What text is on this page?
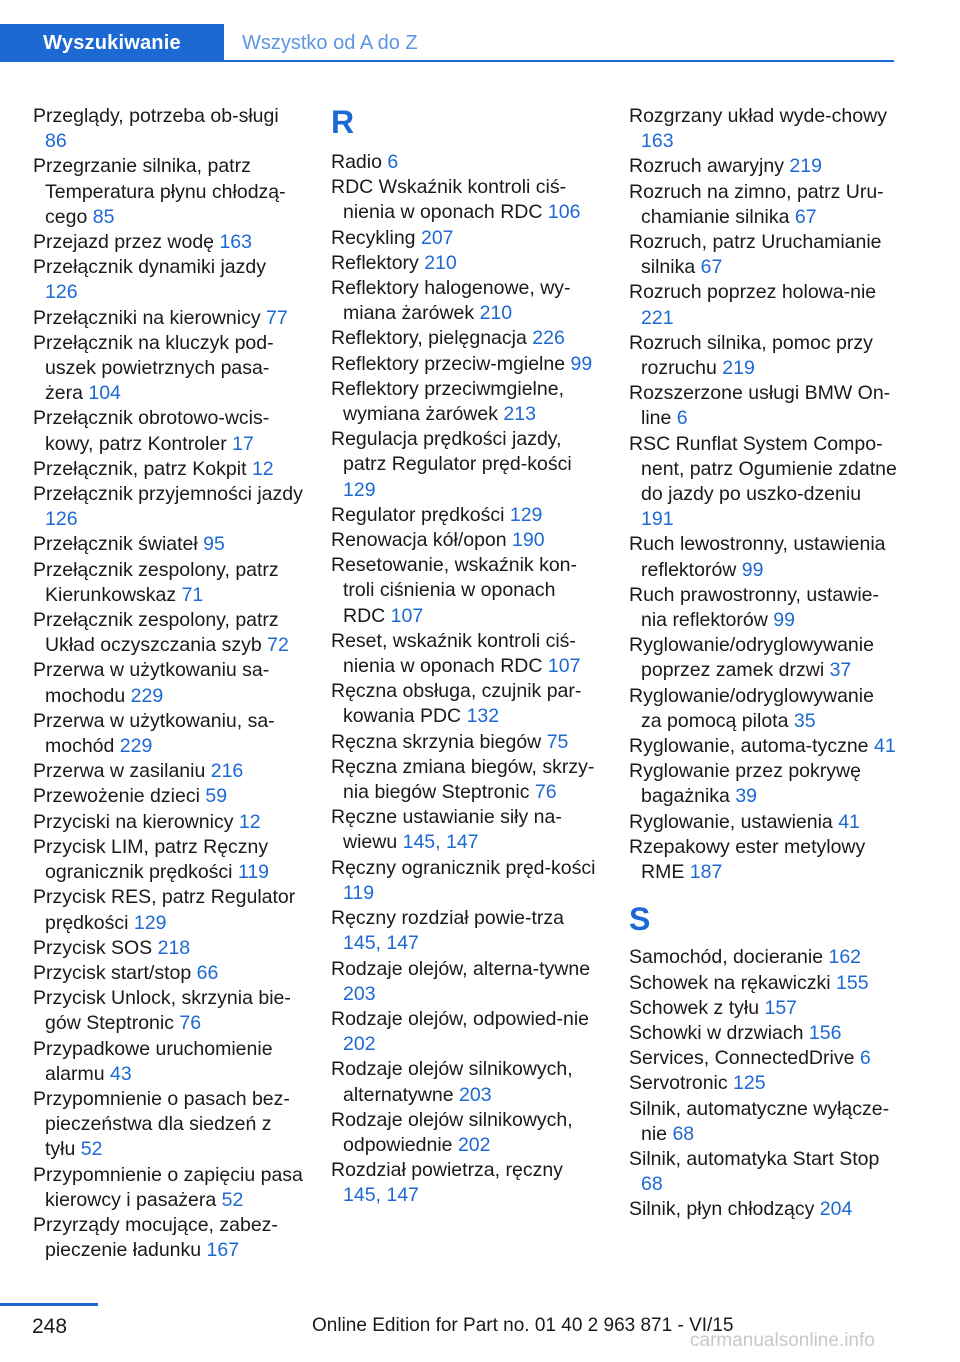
Wyszukiwanie	Wszystko od A do Z

Przeglądy, potrzeba ob-sługi 86

Przegrzanie silnika, patrz Temperatura płynu chłodzą-cego 85

Przejazd przez wodę 163

Przełącznik dynamiki jazdy 126

Przełączniki na kierownicy 77

Przełącznik na kluczyk pod-uszek powietrznych pasa-żera 104

Przełącznik obrotowo-wcis-kowy, patrz Kontroler 17

Przełącznik, patrz Kokpit 12

Przełącznik przyjemności jazdy 126

Przełącznik świateł 95

Przełącznik zespolony, patrz Kierunkowskaz 71

Przełącznik zespolony, patrz Układ oczyszczania szyb 72

Przerwa w użytkowaniu sa-mochodu 229

Przerwa w użytkowaniu, sa-mochód 229

Przerwa w zasilaniu 216

Przewożenie dzieci 59

Przyciski na kierownicy 12

Przycisk LIM, patrz Ręczny ogranicznik prędkości 119

Przycisk RES, patrz Regulator prędkości 129

Przycisk SOS 218

Przycisk start/stop 66

Przycisk Unlock, skrzynia bie-gów Steptronic 76

Przypadkowe uruchomienie alarmu 43

Przypomnienie o pasach bez-pieczeństwa dla siedzeń z tyłu 52

Przypomnienie o zapięciu pasa kierowcy i pasażera 52

Przyrządy mocujące, zabez-pieczenie ładunku 167

R

Radio 6

RDC Wskaźnik kontroli ciś-nienia w oponach RDC 106

Recykling 207

Reflektory 210

Reflektory halogenowe, wy-miana żarówek 210

Reflektory, pielęgnacja 226

Reflektory przeciw-mgielne 99

Reflektory przeciwmgielne, wymiana żarówek 213

Regulacja prędkości jazdy, patrz Regulator pręd-kości 129

Regulator prędkości 129

Renowacja kół/opon 190

Resetowanie, wskaźnik kon-troli ciśnienia w oponach RDC 107

Reset, wskaźnik kontroli ciś-nienia w oponach RDC 107

Ręczna obsługa, czujnik par-kowania PDC 132

Ręczna skrzynia biegów 75

Ręczna zmiana biegów, skrzy-nia biegów Steptronic 76

Ręczne ustawianie siły na-wiewu 145, 147

Ręczny ogranicznik pręd-kości 119

Ręczny rozdział powie-trza 145, 147

Rodzaje olejów, alterna-tywne 203

Rodzaje olejów, odpowied-nie 202

Rodzaje olejów silnikowych, alternatywne 203

Rodzaje olejów silnikowych, odpowiednie 202

Rozdział powietrza, ręczny 145, 147

Rozgrzany układ wyde-chowy 163

Rozruch awaryjny 219

Rozruch na zimno, patrz Uru-chamianie silnika 67

Rozruch, patrz Uruchamianie silnika 67

Rozruch poprzez holowa-nie 221

Rozruch silnika, pomoc przy rozruchu 219

Rozszerzone usługi BMW On-line 6

RSC Runflat System Compo-nent, patrz Ogumienie zdatne do jazdy po uszko-dzeniu 191

Ruch lewostronny, ustawienia reflektorów 99

Ruch prawostronny, ustawie-nia reflektorów 99

Ryglowanie/odryglowywanie poprzez zamek drzwi 37

Ryglowanie/odryglowywanie za pomocą pilota 35

Ryglowanie, automa-tyczne 41

Ryglowanie przez pokrywę bagażnika 39

Ryglowanie, ustawienia 41

Rzepakowy ester metylowy RME 187

S

Samochód, docieranie 162

Schowek na rękawiczki 155

Schowek z tyłu 157

Schowki w drzwiach 156

Services, ConnectedDrive 6

Servotronic 125

Silnik, automatyczne wyłącze-nie 68

Silnik, automatyka Start Stop 68

Silnik, płyn chłodzący 204

248	Online Edition for Part no. 01 40 2 963 871 - VI/15
carmanualsonline.info
